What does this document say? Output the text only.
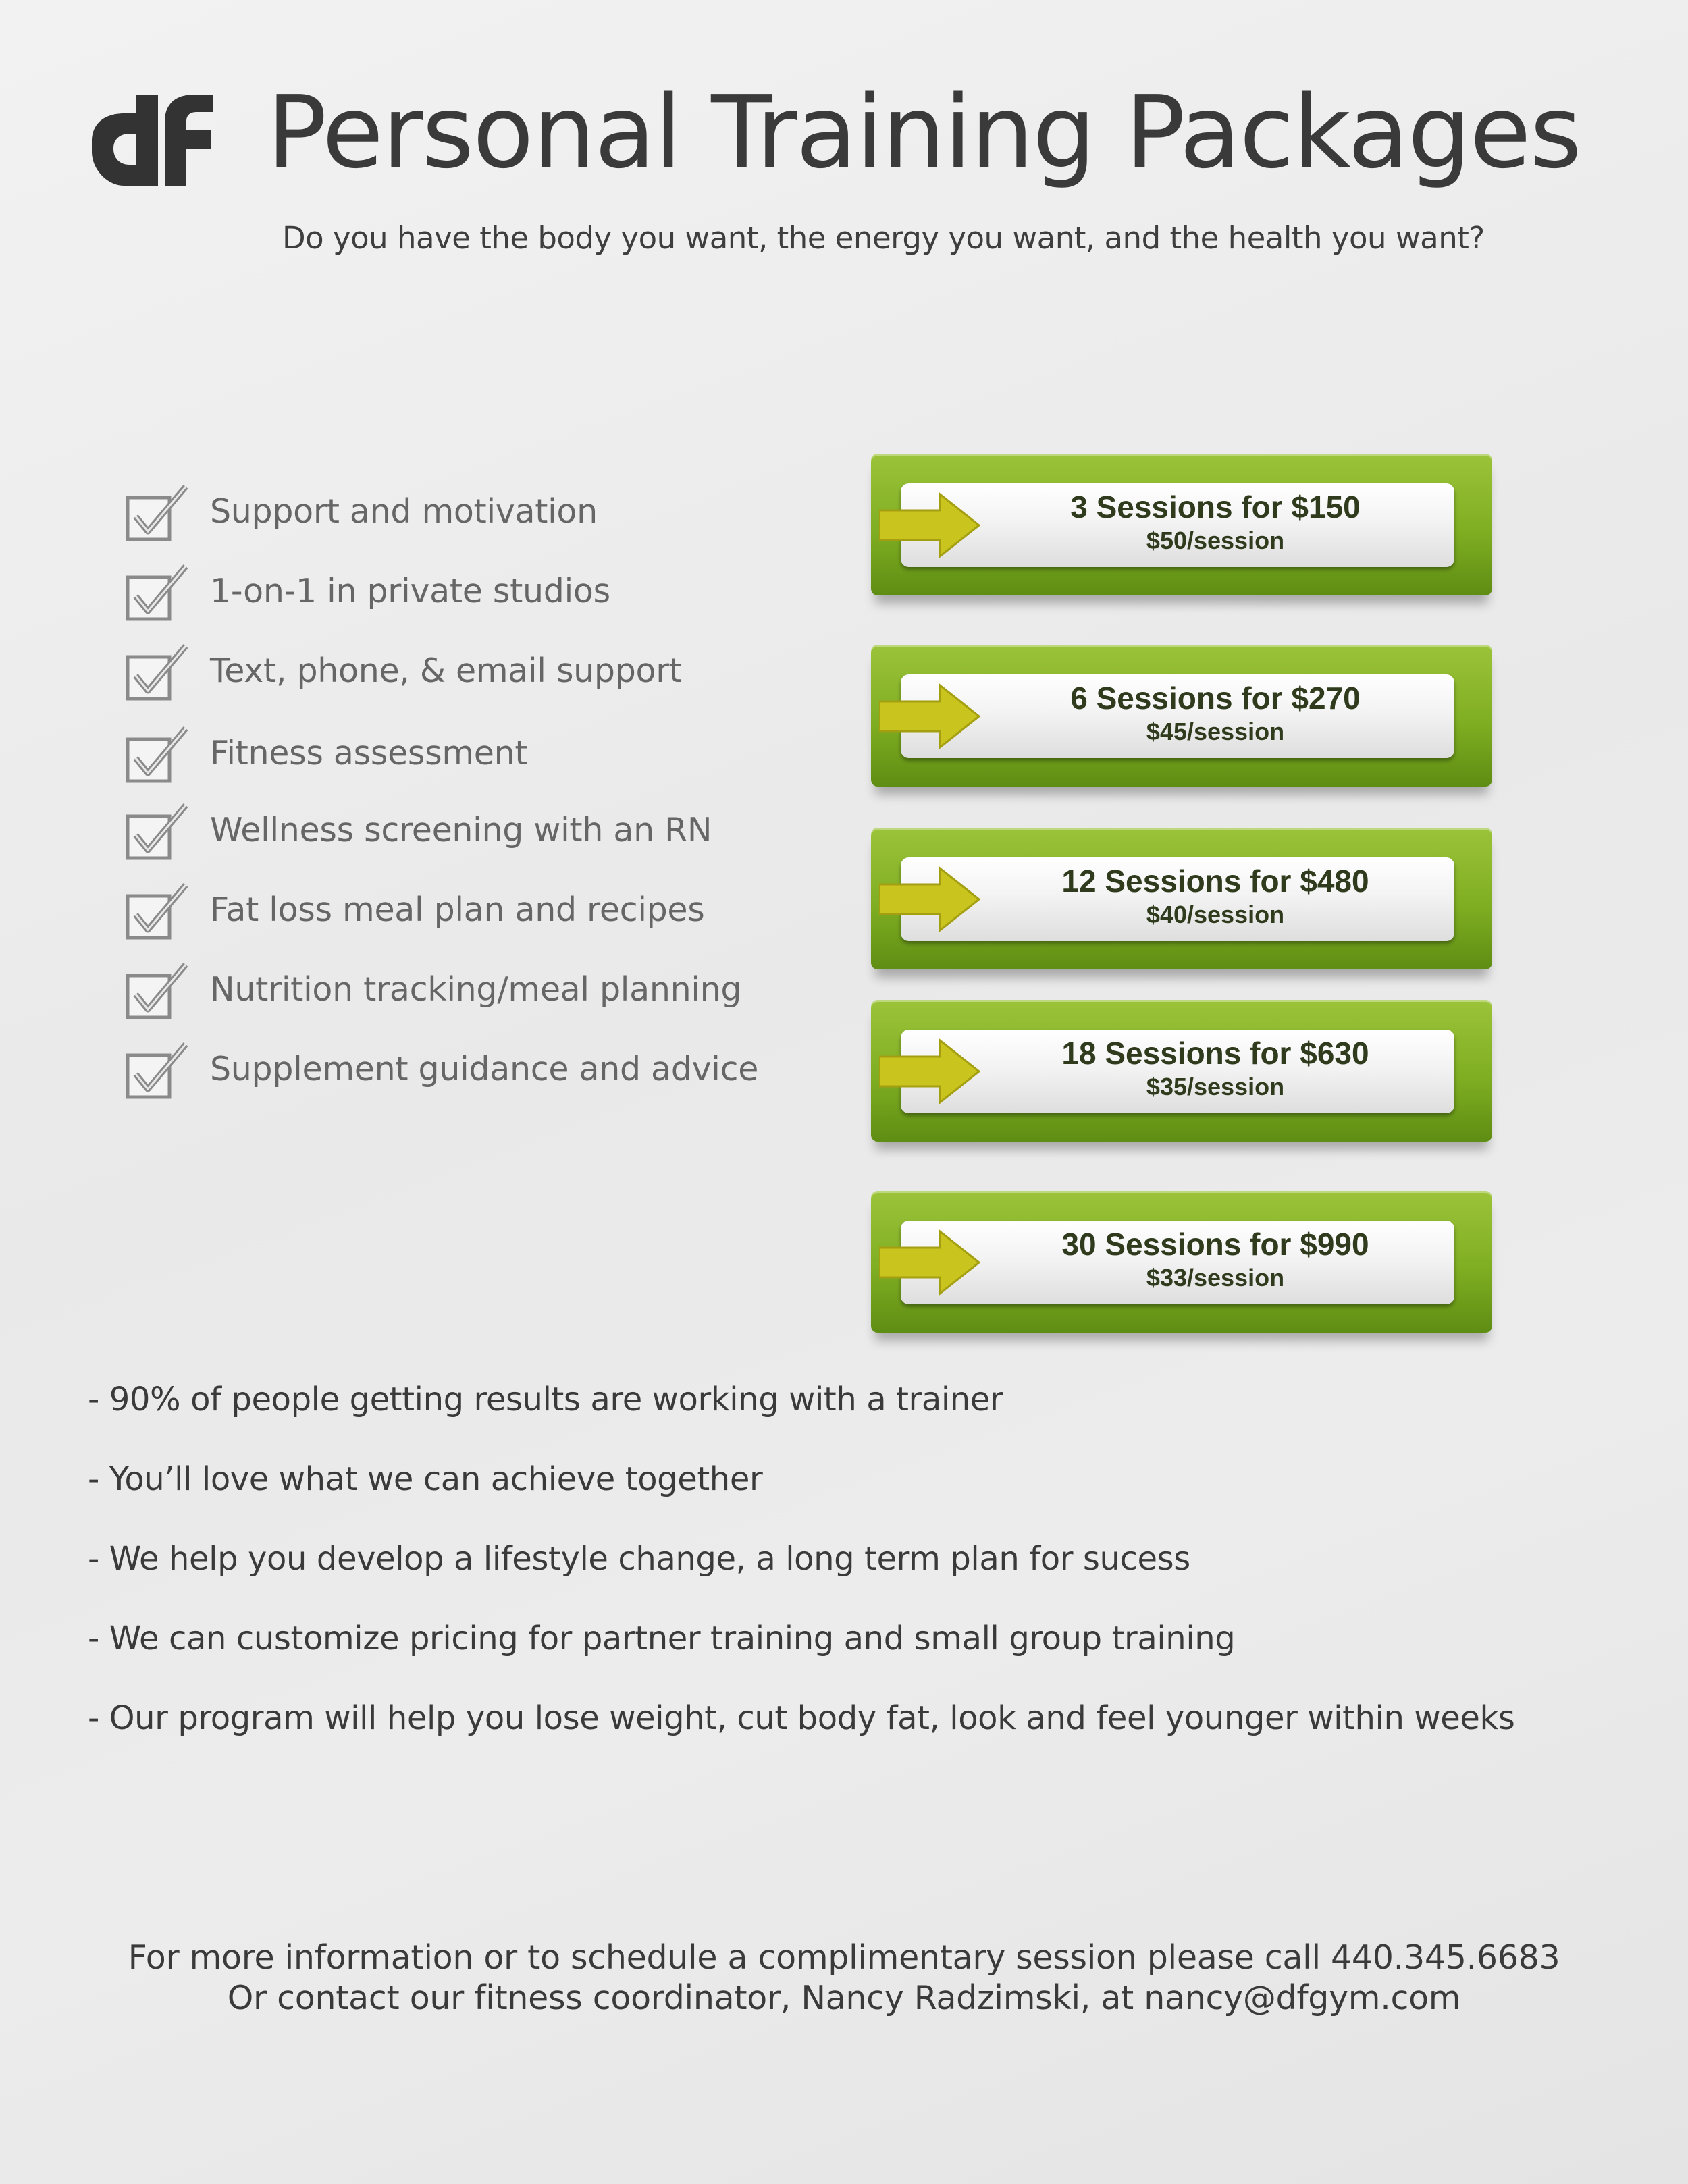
Personal Training Packages

Do you have the body you want, the energy you want, and the health you want?

Support and motivation
1-on-1 in private studios
Text, phone, & email support
Fitness assessment
Wellness screening with an RN
Fat loss meal plan and recipes
Nutrition tracking/meal planning
Supplement guidance and advice
3 Sessions for $150
$50/session
6 Sessions for $270
$45/session
12 Sessions for $480
$40/session
18 Sessions for $630
$35/session
30 Sessions for $990
$33/session
- 90% of people getting results are working with a trainer
- You’ll love what we can achieve together
- We help you develop a lifestyle change, a long term plan for sucess
- We can customize pricing for partner training and small group training
- Our program will help you lose weight, cut body fat, look and feel younger within weeks

For more information or to schedule a complimentary session please call 440.345.6683

Or contact our fitness coordinator, Nancy Radzimski, at nancy@dfgym.com
